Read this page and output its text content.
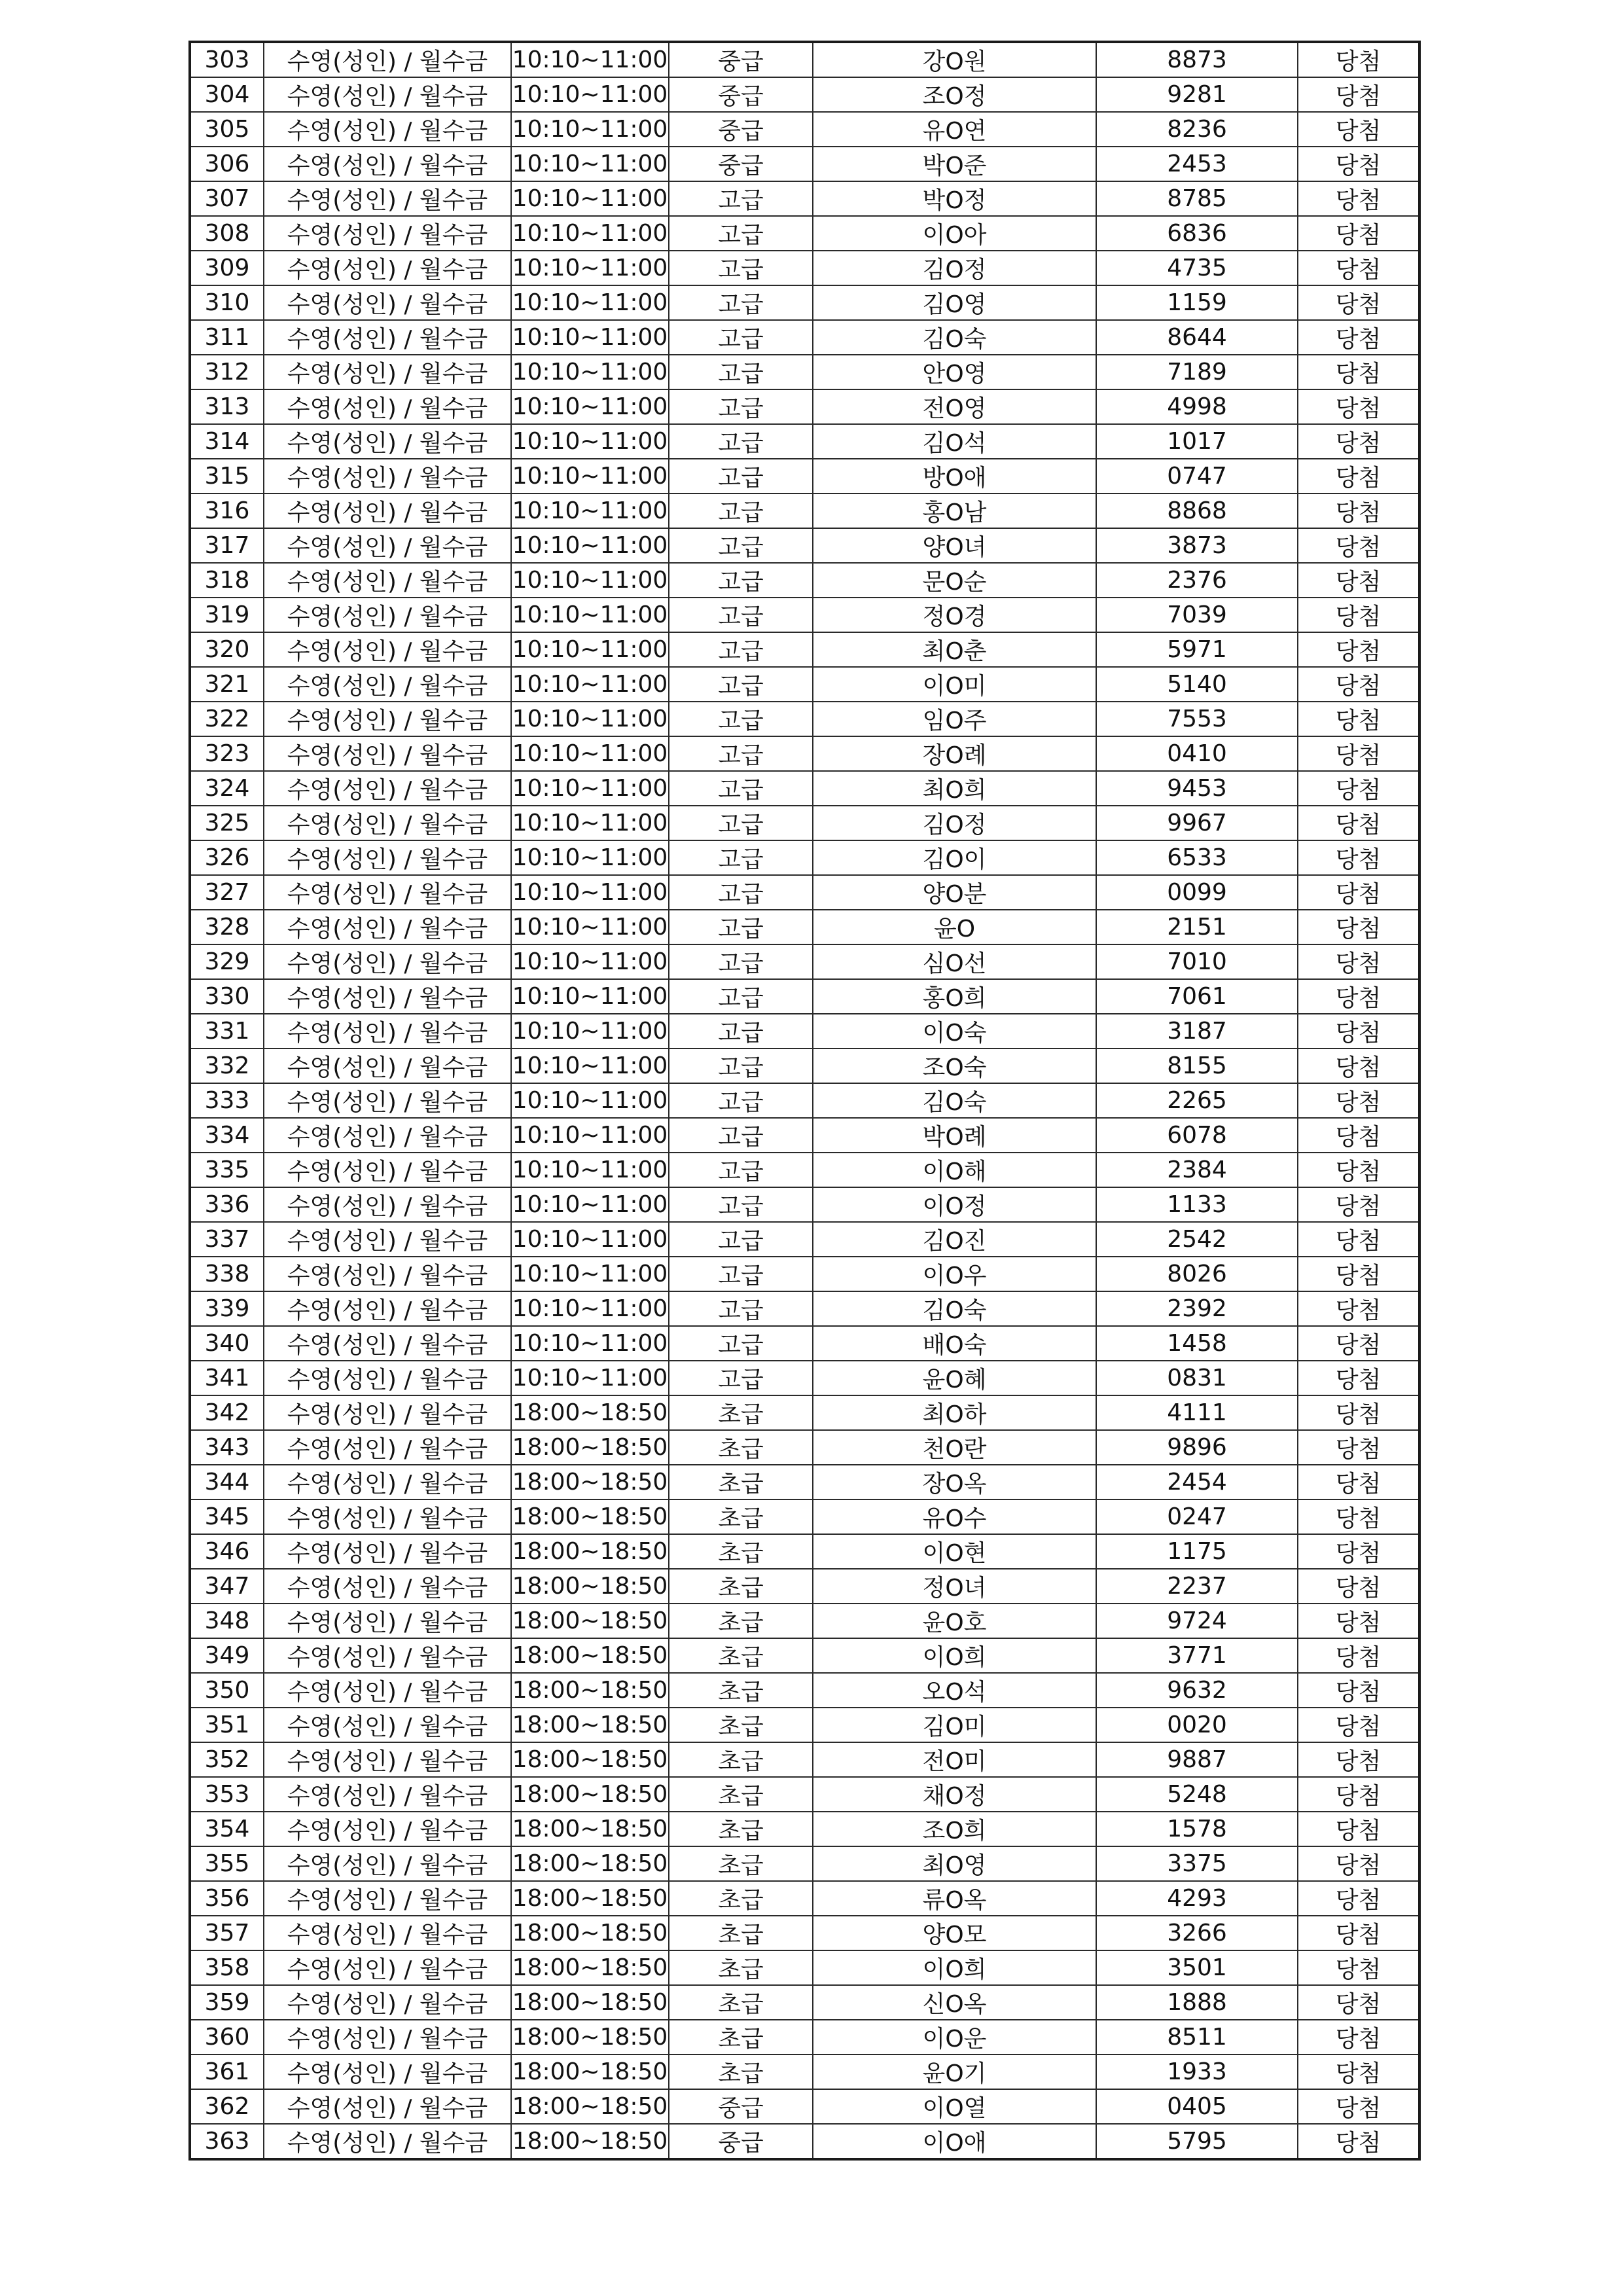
303	수영(성인) / 월수금	10:10~11:00	중급	강O원	8873	당첨
304	수영(성인) / 월수금	10:10~11:00	중급	조O정	9281	당첨
305	수영(성인) / 월수금	10:10~11:00	중급	유O연	8236	당첨
306	수영(성인) / 월수금	10:10~11:00	중급	박O준	2453	당첨
307	수영(성인) / 월수금	10:10~11:00	고급	박O정	8785	당첨
308	수영(성인) / 월수금	10:10~11:00	고급	이O아	6836	당첨
309	수영(성인) / 월수금	10:10~11:00	고급	김O정	4735	당첨
310	수영(성인) / 월수금	10:10~11:00	고급	김O영	1159	당첨
311	수영(성인) / 월수금	10:10~11:00	고급	김O숙	8644	당첨
312	수영(성인) / 월수금	10:10~11:00	고급	안O영	7189	당첨
313	수영(성인) / 월수금	10:10~11:00	고급	전O영	4998	당첨
314	수영(성인) / 월수금	10:10~11:00	고급	김O석	1017	당첨
315	수영(성인) / 월수금	10:10~11:00	고급	방O애	0747	당첨
316	수영(성인) / 월수금	10:10~11:00	고급	홍O남	8868	당첨
317	수영(성인) / 월수금	10:10~11:00	고급	양O녀	3873	당첨
318	수영(성인) / 월수금	10:10~11:00	고급	문O순	2376	당첨
319	수영(성인) / 월수금	10:10~11:00	고급	정O경	7039	당첨
320	수영(성인) / 월수금	10:10~11:00	고급	최O춘	5971	당첨
321	수영(성인) / 월수금	10:10~11:00	고급	이O미	5140	당첨
322	수영(성인) / 월수금	10:10~11:00	고급	임O주	7553	당첨
323	수영(성인) / 월수금	10:10~11:00	고급	장O례	0410	당첨
324	수영(성인) / 월수금	10:10~11:00	고급	최O희	9453	당첨
325	수영(성인) / 월수금	10:10~11:00	고급	김O정	9967	당첨
326	수영(성인) / 월수금	10:10~11:00	고급	김O이	6533	당첨
327	수영(성인) / 월수금	10:10~11:00	고급	양O분	0099	당첨
328	수영(성인) / 월수금	10:10~11:00	고급	윤O	2151	당첨
329	수영(성인) / 월수금	10:10~11:00	고급	심O선	7010	당첨
330	수영(성인) / 월수금	10:10~11:00	고급	홍O희	7061	당첨
331	수영(성인) / 월수금	10:10~11:00	고급	이O숙	3187	당첨
332	수영(성인) / 월수금	10:10~11:00	고급	조O숙	8155	당첨
333	수영(성인) / 월수금	10:10~11:00	고급	김O숙	2265	당첨
334	수영(성인) / 월수금	10:10~11:00	고급	박O례	6078	당첨
335	수영(성인) / 월수금	10:10~11:00	고급	이O해	2384	당첨
336	수영(성인) / 월수금	10:10~11:00	고급	이O정	1133	당첨
337	수영(성인) / 월수금	10:10~11:00	고급	김O진	2542	당첨
338	수영(성인) / 월수금	10:10~11:00	고급	이O우	8026	당첨
339	수영(성인) / 월수금	10:10~11:00	고급	김O숙	2392	당첨
340	수영(성인) / 월수금	10:10~11:00	고급	배O숙	1458	당첨
341	수영(성인) / 월수금	10:10~11:00	고급	윤O혜	0831	당첨
342	수영(성인) / 월수금	18:00~18:50	초급	최O하	4111	당첨
343	수영(성인) / 월수금	18:00~18:50	초급	천O란	9896	당첨
344	수영(성인) / 월수금	18:00~18:50	초급	장O옥	2454	당첨
345	수영(성인) / 월수금	18:00~18:50	초급	유O수	0247	당첨
346	수영(성인) / 월수금	18:00~18:50	초급	이O현	1175	당첨
347	수영(성인) / 월수금	18:00~18:50	초급	정O녀	2237	당첨
348	수영(성인) / 월수금	18:00~18:50	초급	윤O호	9724	당첨
349	수영(성인) / 월수금	18:00~18:50	초급	이O희	3771	당첨
350	수영(성인) / 월수금	18:00~18:50	초급	오O석	9632	당첨
351	수영(성인) / 월수금	18:00~18:50	초급	김O미	0020	당첨
352	수영(성인) / 월수금	18:00~18:50	초급	전O미	9887	당첨
353	수영(성인) / 월수금	18:00~18:50	초급	채O정	5248	당첨
354	수영(성인) / 월수금	18:00~18:50	초급	조O희	1578	당첨
355	수영(성인) / 월수금	18:00~18:50	초급	최O영	3375	당첨
356	수영(성인) / 월수금	18:00~18:50	초급	류O옥	4293	당첨
357	수영(성인) / 월수금	18:00~18:50	초급	양O모	3266	당첨
358	수영(성인) / 월수금	18:00~18:50	초급	이O희	3501	당첨
359	수영(성인) / 월수금	18:00~18:50	초급	신O옥	1888	당첨
360	수영(성인) / 월수금	18:00~18:50	초급	이O운	8511	당첨
361	수영(성인) / 월수금	18:00~18:50	초급	윤O기	1933	당첨
362	수영(성인) / 월수금	18:00~18:50	중급	이O열	0405	당첨
363	수영(성인) / 월수금	18:00~18:50	중급	이O애	5795	당첨
